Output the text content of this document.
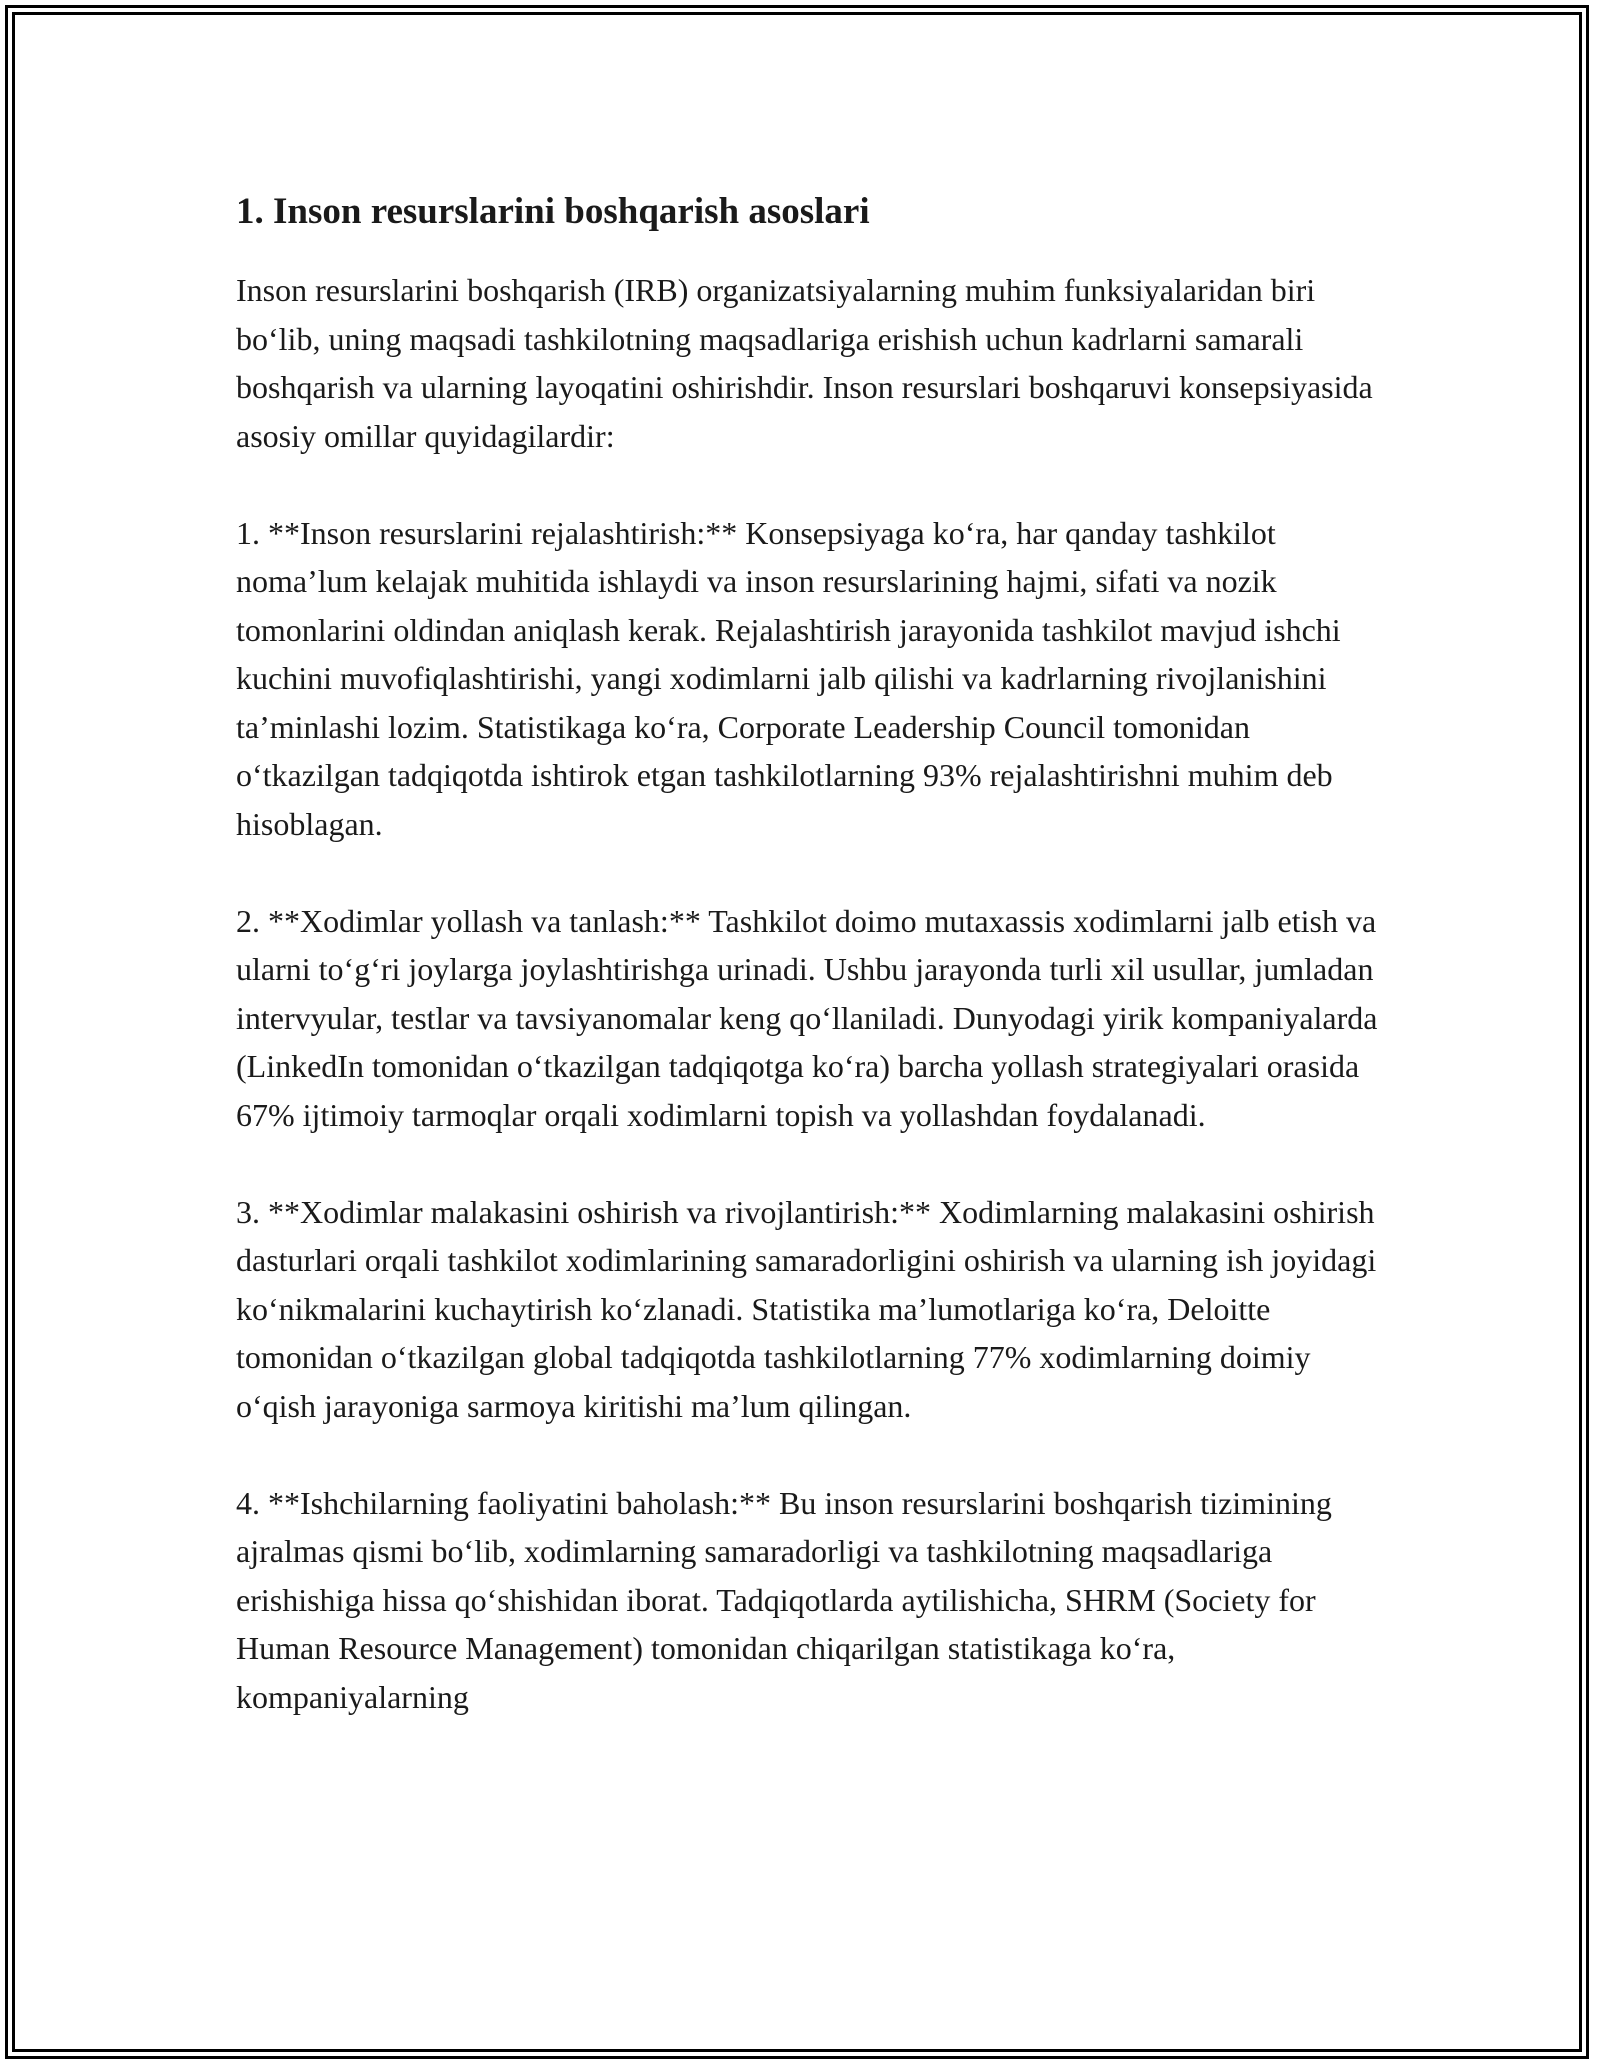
1. Inson resurslarini boshqarish asoslari

Inson resurslarini boshqarish (IRB) organizatsiyalarning muhim funksiyalaridan biri bo‘lib, uning maqsadi tashkilotning maqsadlariga erishish uchun kadrlarni samarali boshqarish va ularning layoqatini oshirishdir. Inson resurslari boshqaruvi konsepsiyasida asosiy omillar quyidagilardir:

1. **Inson resurslarini rejalashtirish:** Konsepsiyaga ko‘ra, har qanday tashkilot noma’lum kelajak muhitida ishlaydi va inson resurslarining hajmi, sifati va nozik tomonlarini oldindan aniqlash kerak. Rejalashtirish jarayonida tashkilot mavjud ishchi kuchini muvofiqlashtirishi, yangi xodimlarni jalb qilishi va kadrlarning rivojlanishini ta’minlashi lozim. Statistikaga ko‘ra, Corporate Leadership Council tomonidan o‘tkazilgan tadqiqotda ishtirok etgan tashkilotlarning 93% rejalashtirishni muhim deb hisoblagan.

2. **Xodimlar yollash va tanlash:** Tashkilot doimo mutaxassis xodimlarni jalb etish va ularni to‘g‘ri joylarga joylashtirishga urinadi. Ushbu jarayonda turli xil usullar, jumladan intervyular, testlar va tavsiyanomalar keng qo‘llaniladi. Dunyodagi yirik kompaniyalarda (LinkedIn tomonidan o‘tkazilgan tadqiqotga ko‘ra) barcha yollash strategiyalari orasida 67% ijtimoiy tarmoqlar orqali xodimlarni topish va yollashdan foydalanadi.

3. **Xodimlar malakasini oshirish va rivojlantirish:** Xodimlarning malakasini oshirish dasturlari orqali tashkilot xodimlarining samaradorligini oshirish va ularning ish joyidagi ko‘nikmalarini kuchaytirish ko‘zlanadi. Statistika ma’lumotlariga ko‘ra, Deloitte tomonidan o‘tkazilgan global tadqiqotda tashkilotlarning 77% xodimlarning doimiy o‘qish jarayoniga sarmoya kiritishi ma’lum qilingan.

4. **Ishchilarning faoliyatini baholash:** Bu inson resurslarini boshqarish tizimining ajralmas qismi bo‘lib, xodimlarning samaradorligi va tashkilotning maqsadlariga erishishiga hissa qo‘shishidan iborat. Tadqiqotlarda aytilishicha, SHRM (Society for Human Resource Management) tomonidan chiqarilgan statistikaga ko‘ra, kompaniyalarning
